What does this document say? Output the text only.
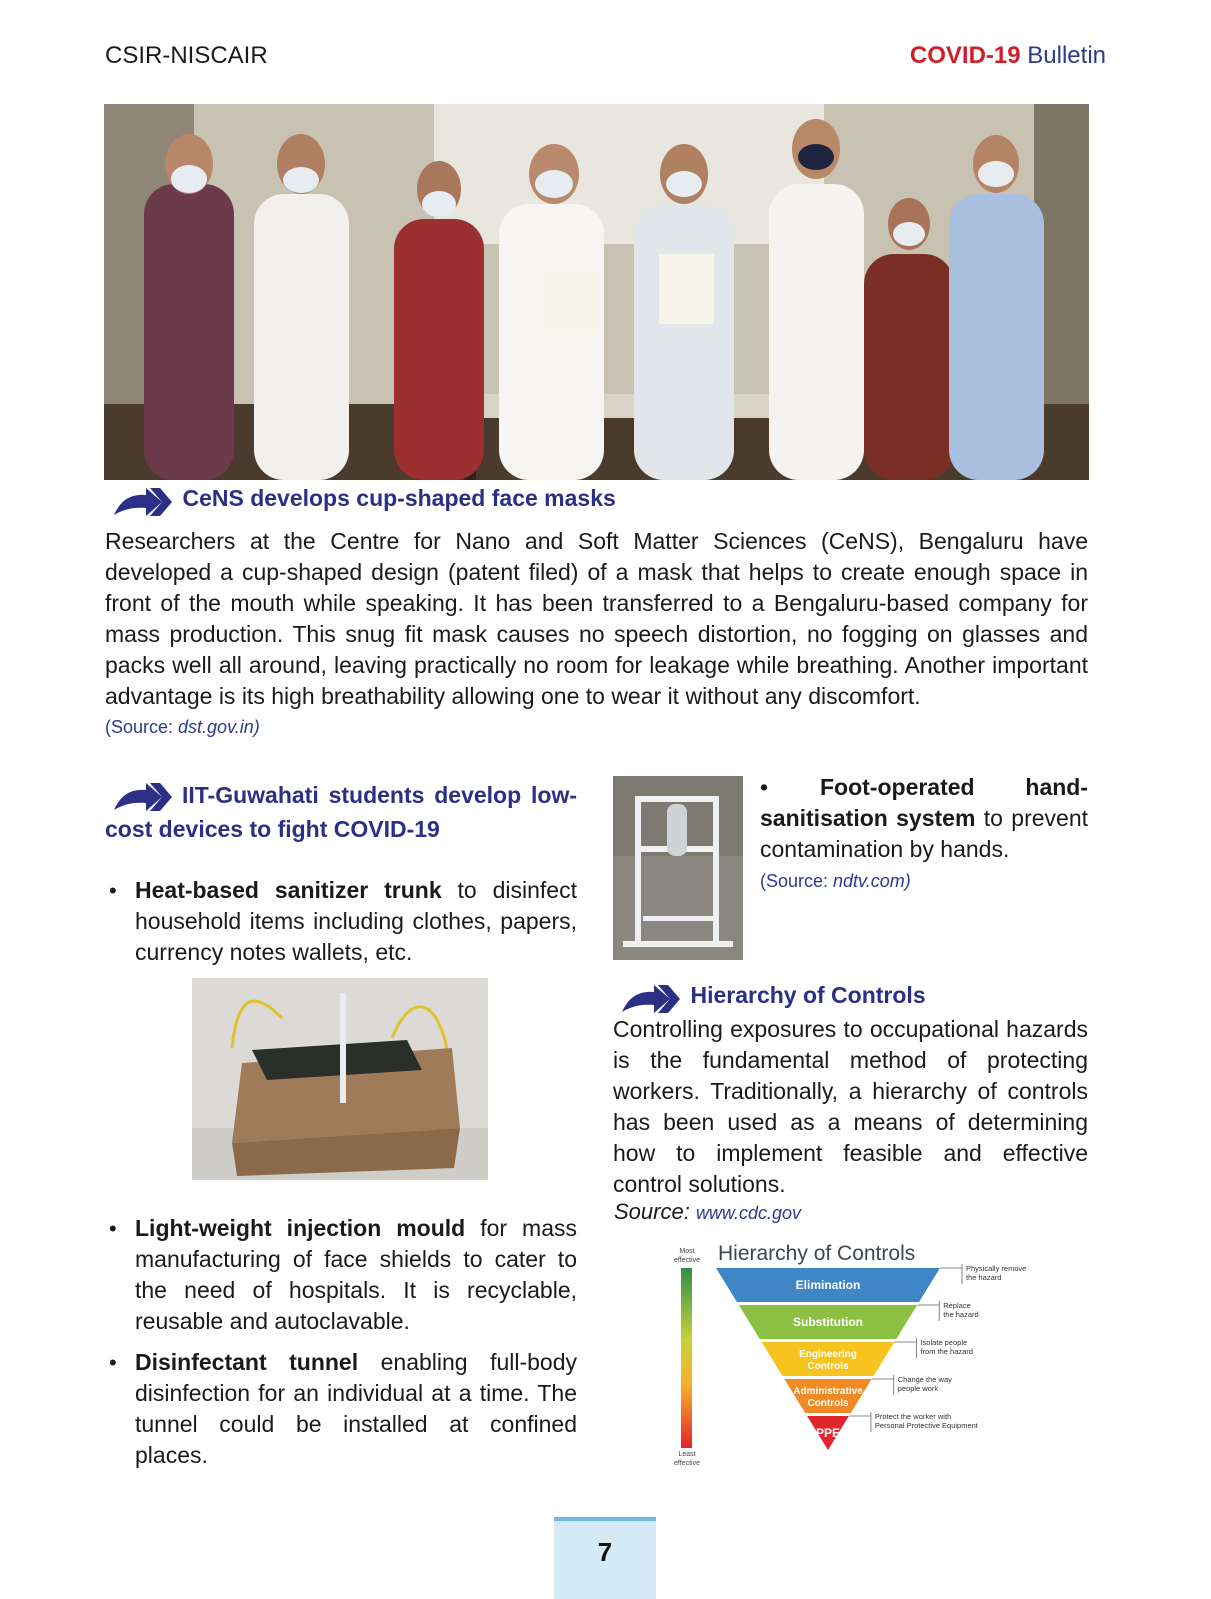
CSIR-NISCAIR	COVID-19 Bulletin
CeNS develops cup-shaped face masks
Researchers at the Centre for Nano and Soft Matter Sciences (CeNS), Bengaluru have developed a cup-shaped design (patent filed) of a mask that helps to create enough space in front of the mouth while speaking. It has been transferred to a Bengaluru-based company for mass production. This snug fit mask causes no speech distortion, no fogging on glasses and packs well all around, leaving practically no room for leakage while breathing. Another important advantage is its high breathability allowing one to wear it without any discomfort.
(Source: dst.gov.in)
IIT-Guwahati students develop low-cost devices to fight COVID-19
• Heat-based sanitizer trunk to disinfect household items including clothes, papers, currency notes wallets, etc.
• Light-weight injection mould for mass manufacturing of face shields to cater to the need of hospitals. It is recyclable, reusable and autoclavable.
• Disinfectant tunnel enabling full-body disinfection for an individual at a time. The tunnel could be installed at confined places.
• Foot-operated hand-sanitisation system to prevent contamination by hands.
(Source: ndtv.com)
Hierarchy of Controls
Controlling exposures to occupational hazards is the fundamental method of protecting workers. Traditionally, a hierarchy of controls has been used as a means of determining how to implement feasible and effective control solutions.
Source: www.cdc.gov
Hierarchy of Controls
Most
effective
Least
effective
Elimination
Physically remove
the hazard
Substitution
Replace
the hazard
Engineering
Controls
Isolate people
from the hazard
Administrative
Controls
Change the way
people work
PPE
Protect the worker with
Personal Protective Equipment
7
